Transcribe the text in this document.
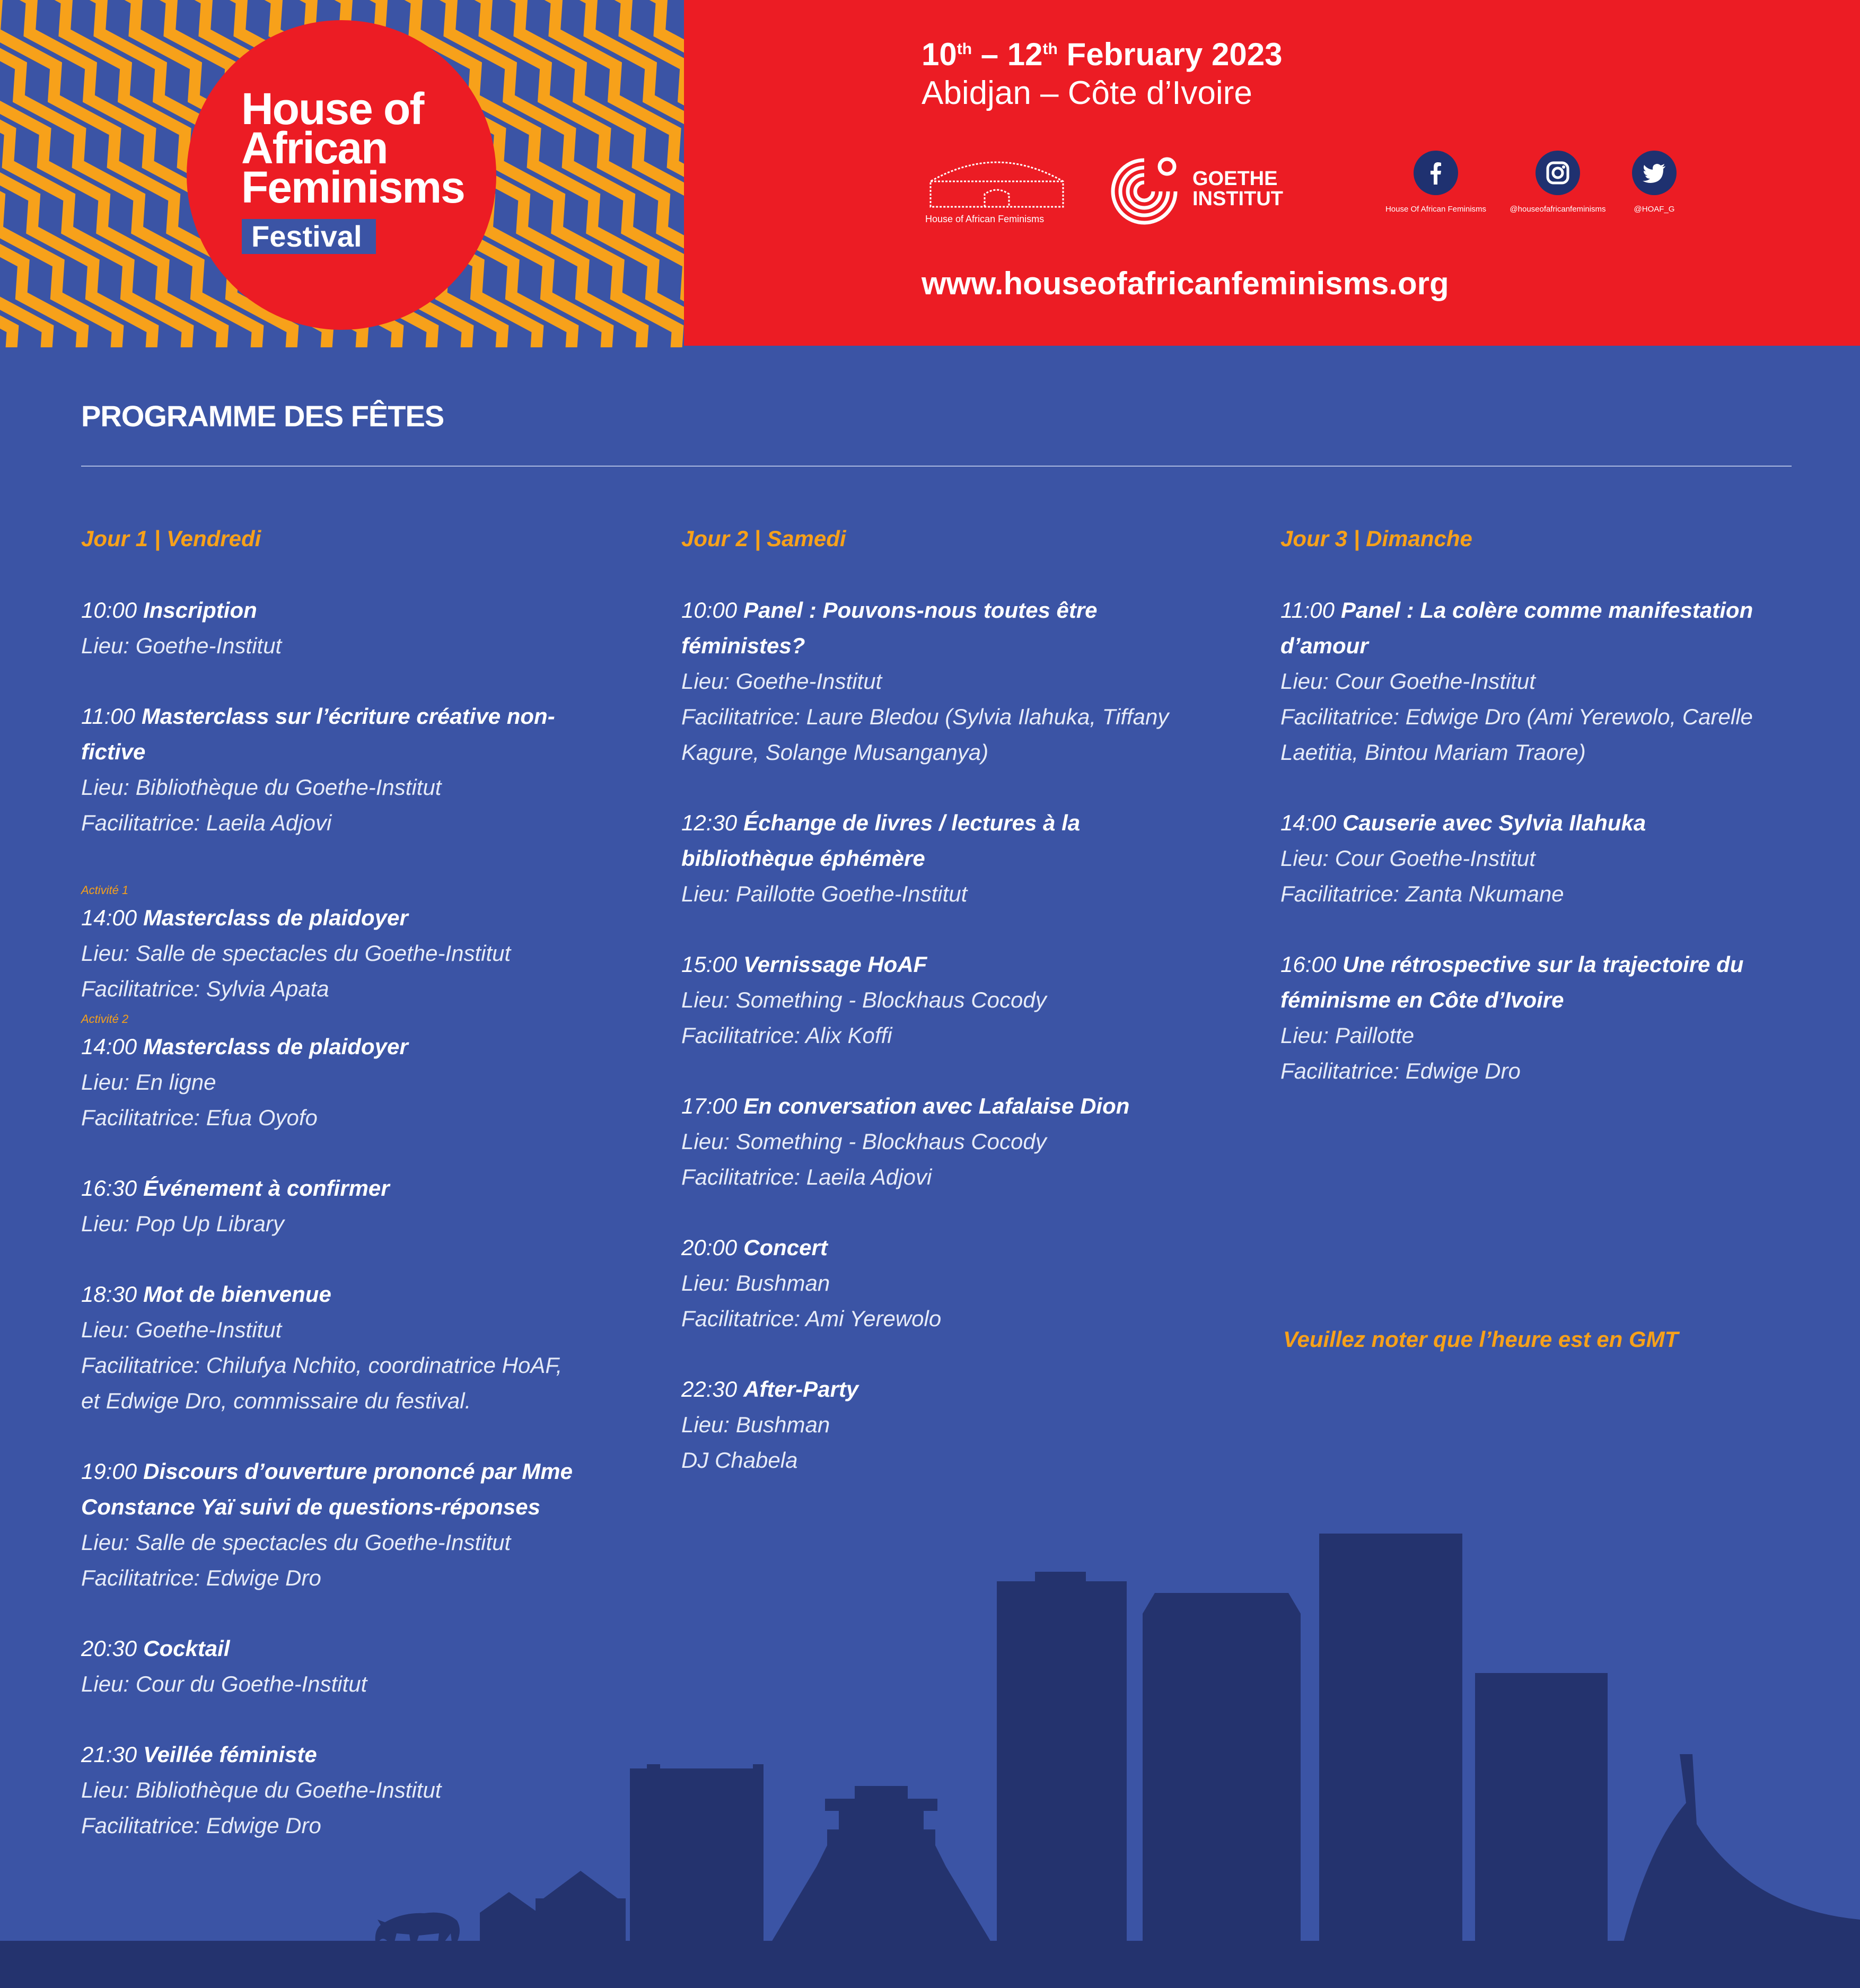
House of
African
Feminisms
Festival
10th – 12th February 2023
Abidjan – Côte d’Ivoire
House of African Feminisms
GOETHE
INSTITUT	House Of African Feminisms	@houseofafricanfeminisms	@HOAF_G
www.houseofafricanfeminisms.org
PROGRAMME DES FÊTES
Jour 1 | Vendredi
10:00 Inscription
Lieu: Goethe-Institut
11:00 Masterclass sur l’écriture créative non-fictive
Lieu: Bibliothèque du Goethe-Institut
Facilitatrice: Laeila Adjovi
Activité 1
14:00 Masterclass de plaidoyer
Lieu: Salle de spectacles du Goethe-Institut
Facilitatrice: Sylvia Apata
Activité 2
14:00 Masterclass de plaidoyer
Lieu: En ligne
Facilitatrice: Efua Oyofo
16:30 Événement à confirmer
Lieu: Pop Up Library
18:30 Mot de bienvenue
Lieu: Goethe-Institut
Facilitatrice: Chilufya Nchito, coordinatrice HoAF,
et Edwige Dro, commissaire du festival.
19:00 Discours d’ouverture prononcé par Mme Constance Yaï suivi de questions-réponses
Lieu: Salle de spectacles du Goethe-Institut
Facilitatrice: Edwige Dro
20:30 Cocktail
Lieu: Cour du Goethe-Institut
21:30 Veillée féministe
Lieu: Bibliothèque du Goethe-Institut
Facilitatrice: Edwige Dro
Jour 2 | Samedi
10:00 Panel : Pouvons-nous toutes être féministes?
Lieu: Goethe-Institut
Facilitatrice: Laure Bledou (Sylvia Ilahuka, Tiffany
Kagure, Solange Musanganya)
12:30 Échange de livres / lectures à la bibliothèque éphémère
Lieu: Paillotte Goethe-Institut
15:00 Vernissage HoAF
Lieu: Something - Blockhaus Cocody
Facilitatrice: Alix Koffi
17:00 En conversation avec Lafalaise Dion
Lieu: Something - Blockhaus Cocody
Facilitatrice: Laeila Adjovi
20:00 Concert
Lieu: Bushman
Facilitatrice: Ami Yerewolo
22:30 After-Party
Lieu: Bushman
DJ Chabela
Jour 3 | Dimanche
11:00 Panel : La colère comme manifestation d’amour
Lieu: Cour Goethe-Institut
Facilitatrice: Edwige Dro (Ami Yerewolo, Carelle
Laetitia, Bintou Mariam Traore)
14:00 Causerie avec Sylvia Ilahuka
Lieu: Cour Goethe-Institut
Facilitatrice: Zanta Nkumane
16:00 Une rétrospective sur la trajectoire du féminisme en Côte d’Ivoire
Lieu: Paillotte
Facilitatrice: Edwige Dro
Veuillez noter que l’heure est en GMT
